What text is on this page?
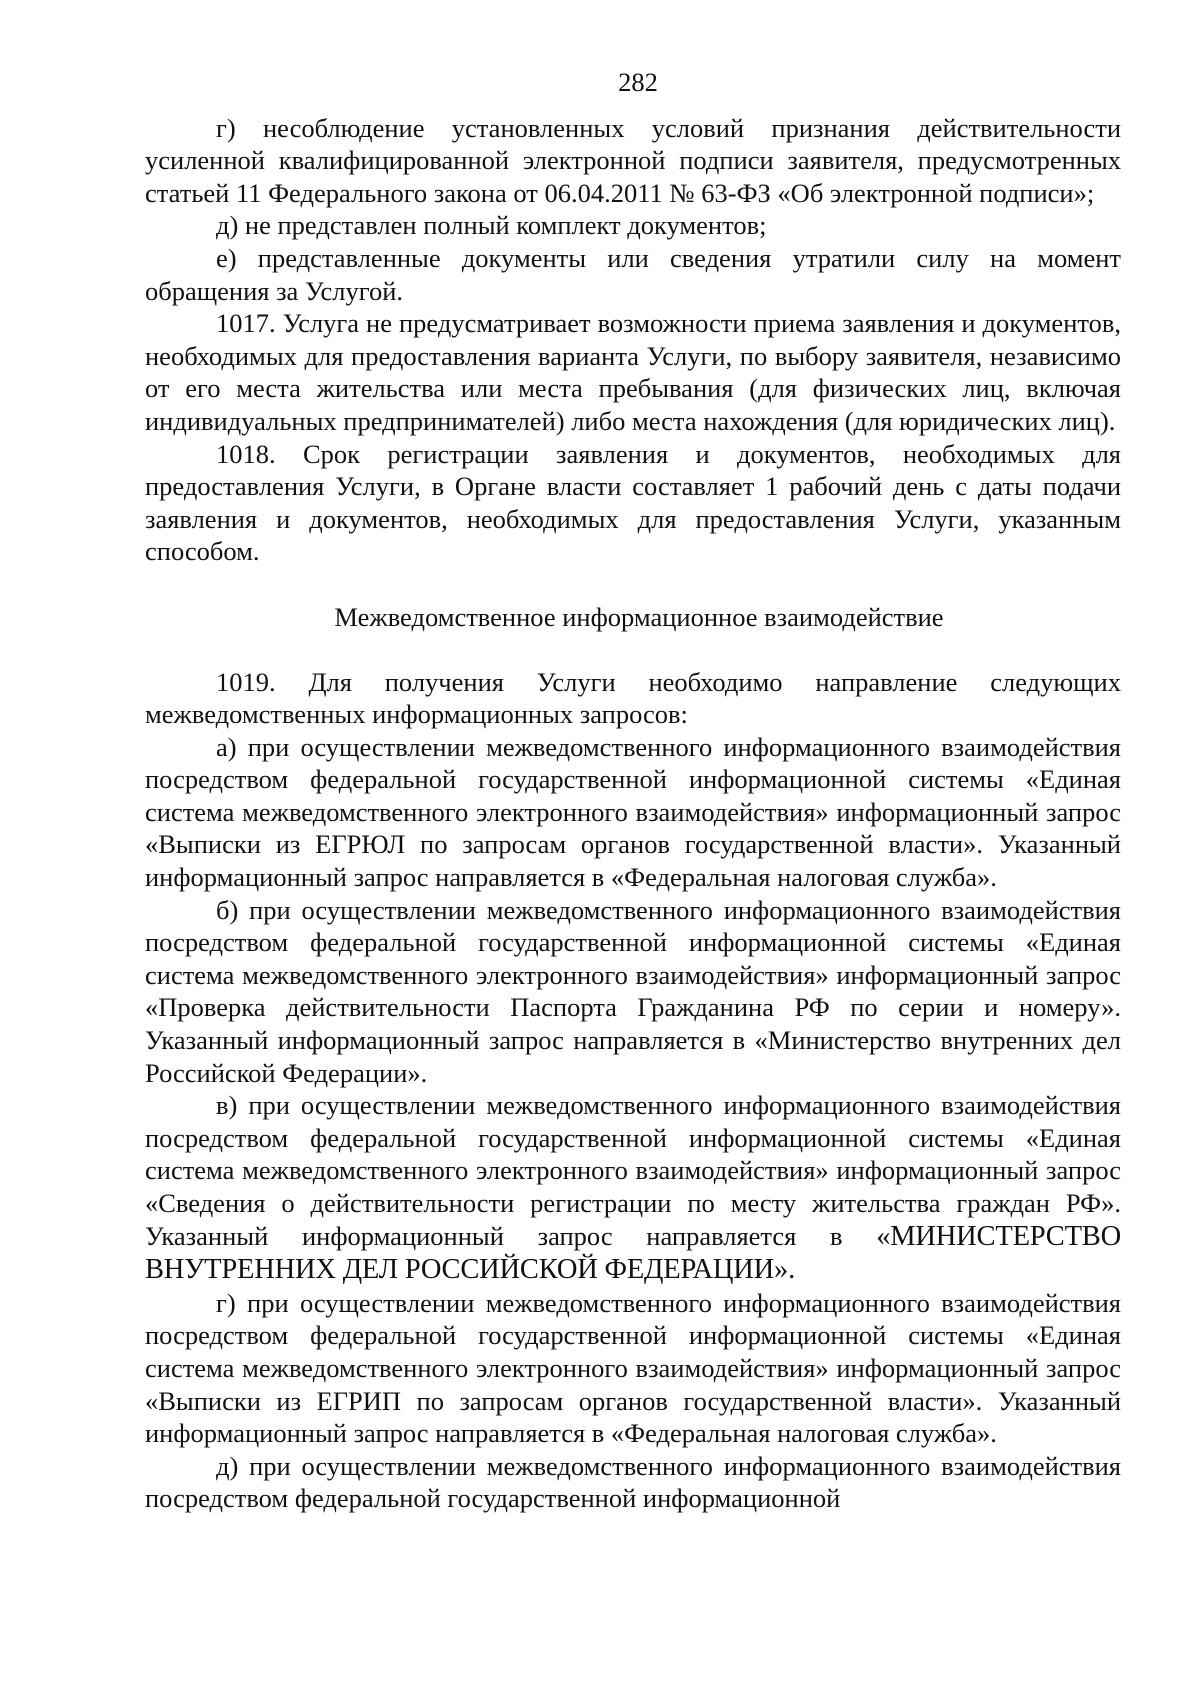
282

г) несоблюдение установленных условий признания действительности усиленной квалифицированной электронной подписи заявителя, предусмотренных статьей 11 Федерального закона от 06.04.2011 № 63-ФЗ «Об электронной подписи»;

д) не представлен полный комплект документов;

е) представленные документы или сведения утратили силу на момент обращения за Услугой.

1017. Услуга не предусматривает возможности приема заявления и документов, необходимых для предоставления варианта Услуги, по выбору заявителя, независимо от его места жительства или места пребывания (для физических лиц, включая индивидуальных предпринимателей) либо места нахождения (для юридических лиц).

1018. Срок регистрации заявления и документов, необходимых для предоставления Услуги, в Органе власти составляет 1 рабочий день с даты подачи заявления и документов, необходимых для предоставления Услуги, указанным способом.

Межведомственное информационное взаимодействие

1019. Для получения Услуги необходимо направление следующих межведомственных информационных запросов:

а) при осуществлении межведомственного информационного взаимодействия посредством федеральной государственной информационной системы «Единая система межведомственного электронного взаимодействия» информационный запрос «Выписки из ЕГРЮЛ по запросам органов государственной власти». Указанный информационный запрос направляется в «Федеральная налоговая служба».

б) при осуществлении межведомственного информационного взаимодействия посредством федеральной государственной информационной системы «Единая система межведомственного электронного взаимодействия» информационный запрос «Проверка действительности Паспорта Гражданина РФ по серии и номеру». Указанный информационный запрос направляется в «Министерство внутренних дел Российской Федерации».

в) при осуществлении межведомственного информационного взаимодействия посредством федеральной государственной информационной системы «Единая система межведомственного электронного взаимодействия» информационный запрос «Сведения о действительности регистрации по месту жительства граждан РФ». Указанный информационный запрос направляется в «МИНИСТЕРСТВО ВНУТРЕННИХ ДЕЛ РОССИЙСКОЙ ФЕДЕРАЦИИ».

г) при осуществлении межведомственного информационного взаимодействия посредством федеральной государственной информационной системы «Единая система межведомственного электронного взаимодействия» информационный запрос «Выписки из ЕГРИП по запросам органов государственной власти». Указанный информационный запрос направляется в «Федеральная налоговая служба».

д) при осуществлении межведомственного информационного взаимодействия посредством федеральной государственной информационной
